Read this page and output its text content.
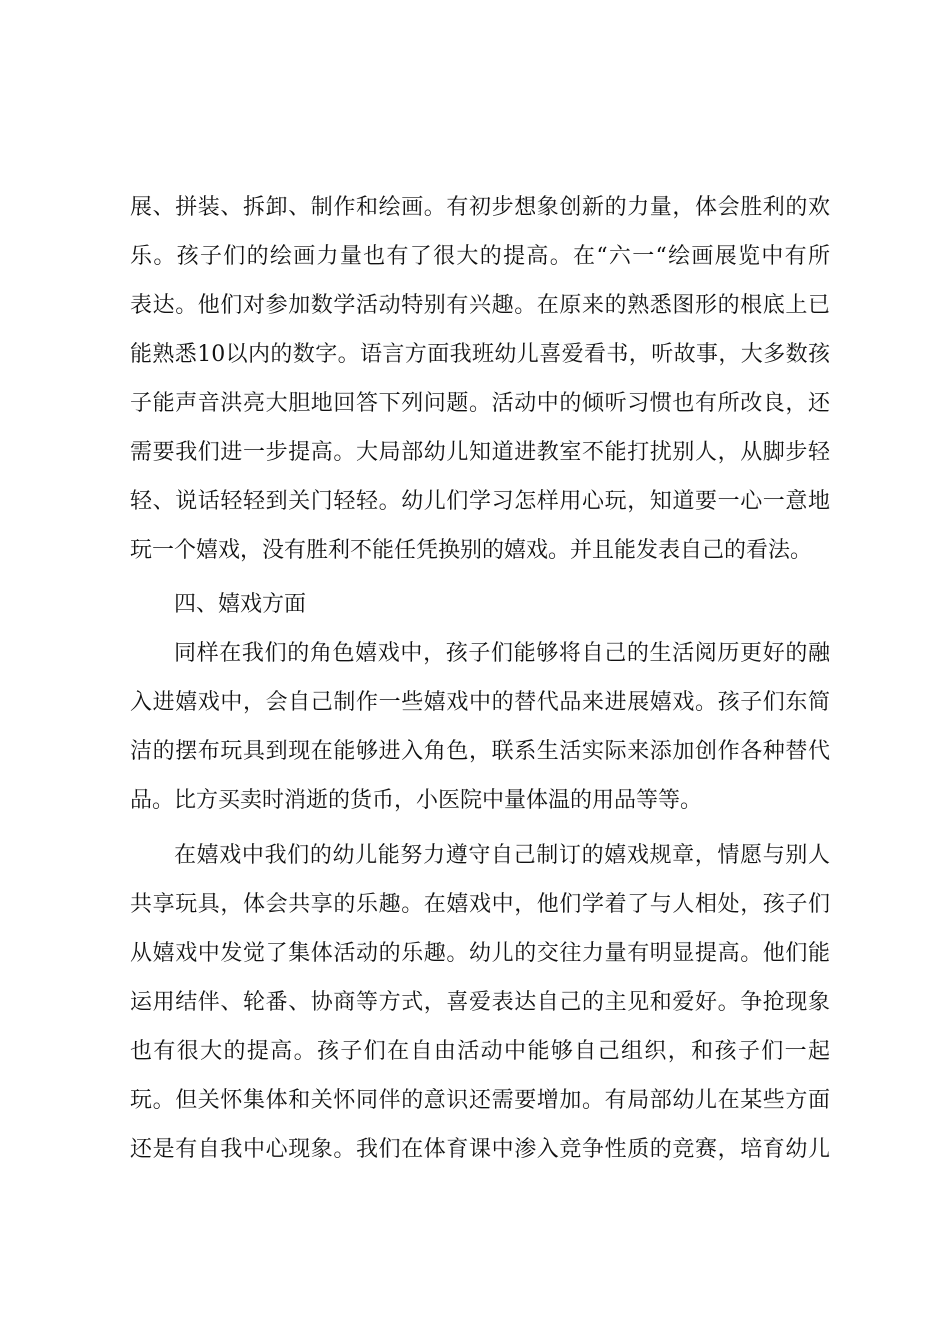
展、拼装、拆卸、制作和绘画。有初步想象创新的力量，体会胜利的欢
乐。孩子们的绘画力量也有了很大的提高。在“六一“绘画展览中有所
表达。他们对参加数学活动特别有兴趣。在原来的熟悉图形的根底上已
能熟悉10以内的数字。语言方面我班幼儿喜爱看书，听故事，大多数孩
子能声音洪亮大胆地回答下列问题。活动中的倾听习惯也有所改良，还
需要我们进一步提高。大局部幼儿知道进教室不能打扰别人，从脚步轻
轻、说话轻轻到关门轻轻。幼儿们学习怎样用心玩，知道要一心一意地
玩一个嬉戏，没有胜利不能任凭换别的嬉戏。并且能发表自己的看法。
四、嬉戏方面
同样在我们的角色嬉戏中，孩子们能够将自己的生活阅历更好的融
入进嬉戏中，会自己制作一些嬉戏中的替代品来进展嬉戏。孩子们东简
洁的摆布玩具到现在能够进入角色，联系生活实际来添加创作各种替代
品。比方买卖时消逝的货币，小医院中量体温的用品等等。
在嬉戏中我们的幼儿能努力遵守自己制订的嬉戏规章，情愿与别人
共享玩具，体会共享的乐趣。在嬉戏中，他们学着了与人相处，孩子们
从嬉戏中发觉了集体活动的乐趣。幼儿的交往力量有明显提高。他们能
运用结伴、轮番、协商等方式，喜爱表达自己的主见和爱好。争抢现象
也有很大的提高。孩子们在自由活动中能够自己组织，和孩子们一起
玩。但关怀集体和关怀同伴的意识还需要增加。有局部幼儿在某些方面
还是有自我中心现象。我们在体育课中渗入竞争性质的竞赛，培育幼儿
